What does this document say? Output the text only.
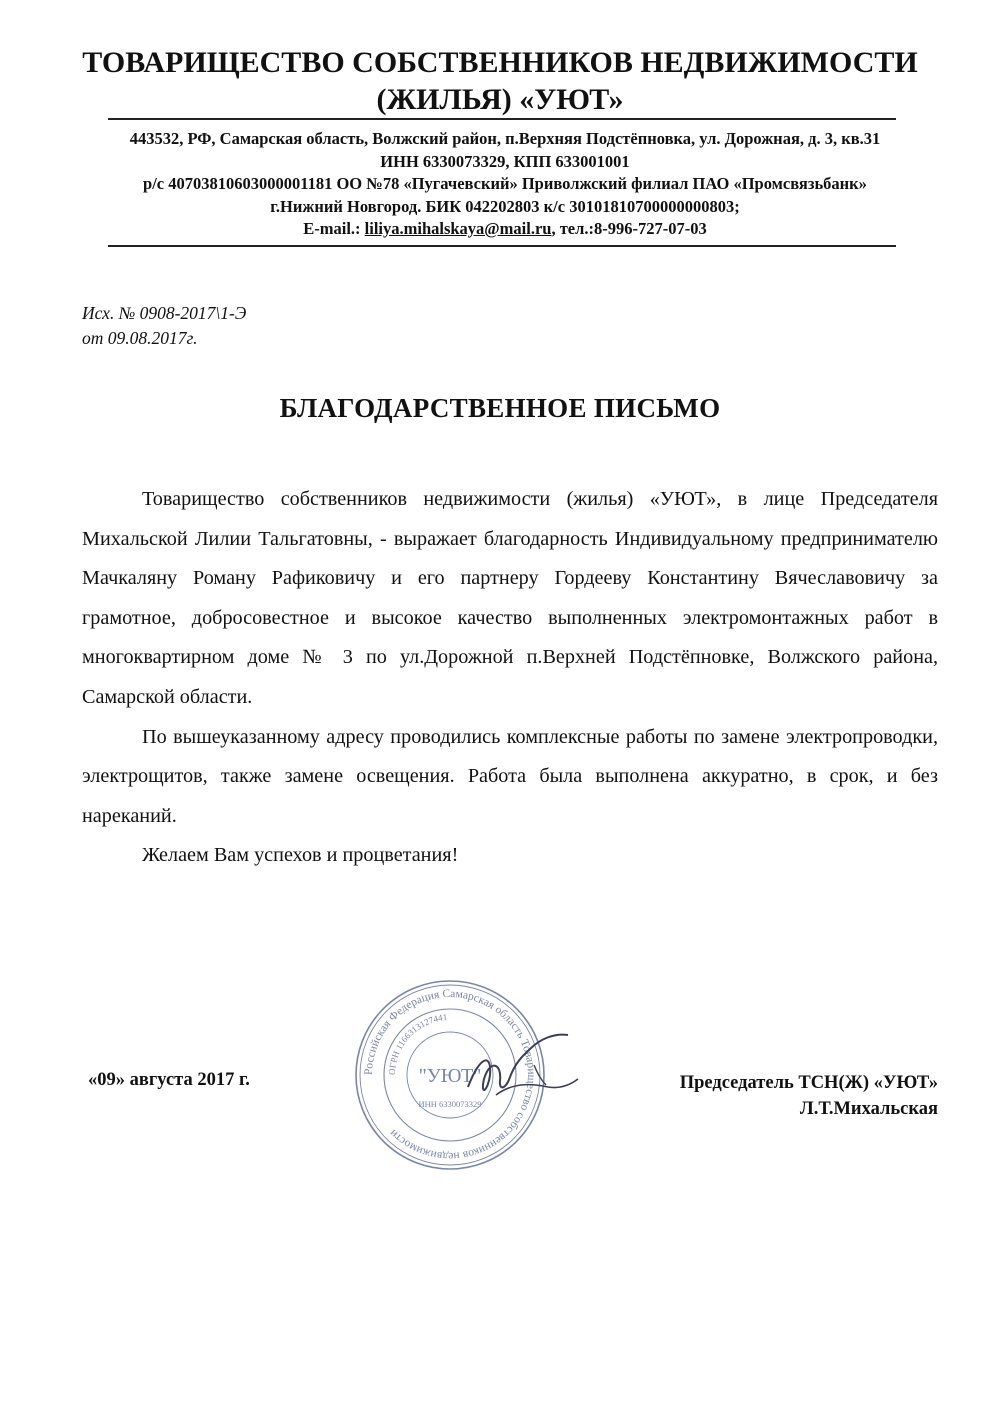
ТОВАРИЩЕСТВО СОБСТВЕННИКОВ НЕДВИЖИМОСТИ
(ЖИЛЬЯ) «УЮТ»
443532, РФ, Самарская область, Волжский район, п.Верхняя Подстёпновка, ул. Дорожная, д. 3, кв.31
ИНН 6330073329, КПП 633001001
р/с 40703810603000001181 ОО №78 «Пугачевский» Приволжский филиал ПАО «Промсвязьбанк»
г.Нижний Новгород. БИК 042202803 к/с 30101810700000000803;
E-mail.: liliya.mihalskaya@mail.ru, тел.:8-996-727-07-03
Исх. № 0908-2017\1-Э
от 09.08.2017г.
БЛАГОДАРСТВЕННОЕ ПИСЬМО

Товарищество собственников недвижимости (жилья) «УЮТ», в лице Председателя Михальской Лилии Тальгатовны, - выражает благодарность Индивидуальному предпринимателю Мачкаляну Роману Рафиковичу и его партнеру Гордееву Константину Вячеславовичу за грамотное, добросовестное и высокое качество выполненных электромонтажных работ в многоквартирном доме № 3 по ул.Дорожной п.Верхней Подстёпновке, Волжского района, Самарской области.

По вышеуказанному адресу проводились комплексные работы по замене электропроводки, электрощитов, также замене освещения. Работа была выполнена аккуратно, в срок, и без нареканий.

Желаем Вам успехов и процветания!

«09» августа 2017 г.	Российская Федерация Самарская область Товарищество собственников недвижимости
ОГРН 1166313127441
"УЮТ"
ИНН 6330073329
Председатель ТСН(Ж) «УЮТ»
Л.Т.Михальская
